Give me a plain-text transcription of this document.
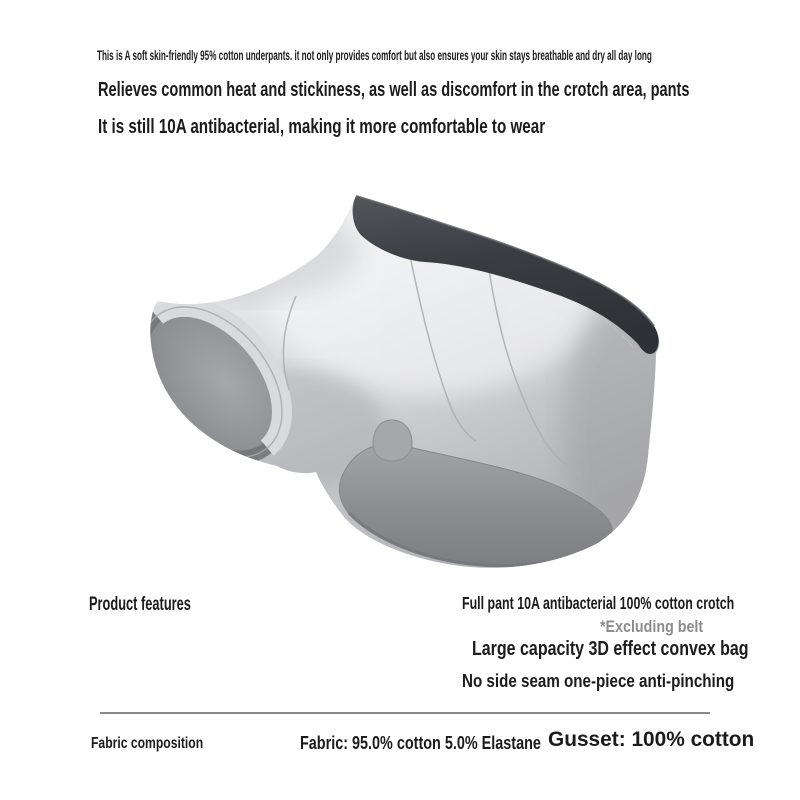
This is A soft skin-friendly 95% cotton underpants. it not only provides comfort but also ensures your skin stays breathable and dry all day long
Relieves common heat and stickiness, as well as discomfort in the crotch area, pants
It is still 10A antibacterial, making it more comfortable to wear
Product features	Full pant 10A antibacterial 100% cotton crotch
*Excluding belt
Large capacity 3D effect convex bag
No side seam one-piece anti-pinching
Fabric composition	Fabric: 95.0% cotton 5.0% Elastane Gusset: 100% cotton
